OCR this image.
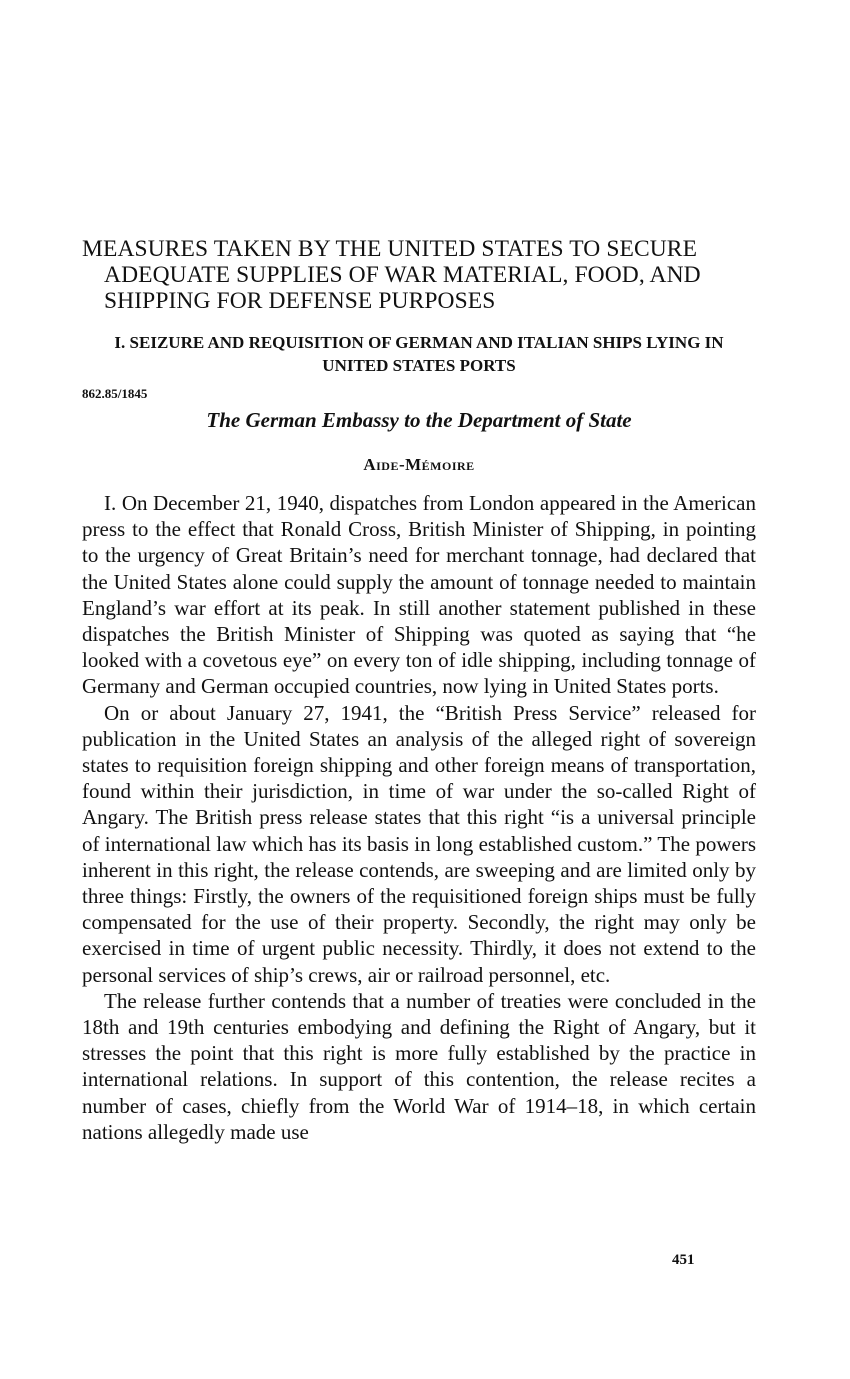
MEASURES TAKEN BY THE UNITED STATES TO SECURE ADEQUATE SUPPLIES OF WAR MATERIAL, FOOD, AND SHIPPING FOR DEFENSE PURPOSES
I. SEIZURE AND REQUISITION OF GERMAN AND ITALIAN SHIPS LYING IN UNITED STATES PORTS
862.85/1845
The German Embassy to the Department of State
Aide-Mémoire

I. On December 21, 1940, dispatches from London appeared in the American press to the effect that Ronald Cross, British Minister of Shipping, in pointing to the urgency of Great Britain’s need for merchant tonnage, had declared that the United States alone could supply the amount of tonnage needed to maintain England’s war effort at its peak. In still another statement published in these dispatches the British Minister of Shipping was quoted as saying that “he looked with a covetous eye” on every ton of idle shipping, including tonnage of Germany and German occupied countries, now lying in United States ports.

On or about January 27, 1941, the “British Press Service” released for publication in the United States an analysis of the alleged right of sovereign states to requisition foreign shipping and other foreign means of transportation, found within their jurisdiction, in time of war under the so-called Right of Angary. The British press release states that this right “is a universal principle of international law which has its basis in long established custom.” The powers inherent in this right, the release contends, are sweeping and are limited only by three things: Firstly, the owners of the requisitioned foreign ships must be fully compensated for the use of their property. Secondly, the right may only be exercised in time of urgent public necessity. Thirdly, it does not extend to the personal services of ship’s crews, air or railroad personnel, etc.

The release further contends that a number of treaties were concluded in the 18th and 19th centuries embodying and defining the Right of Angary, but it stresses the point that this right is more fully established by the practice in international relations. In support of this contention, the release recites a number of cases, chiefly from the World War of 1914–18, in which certain nations allegedly made use

451
